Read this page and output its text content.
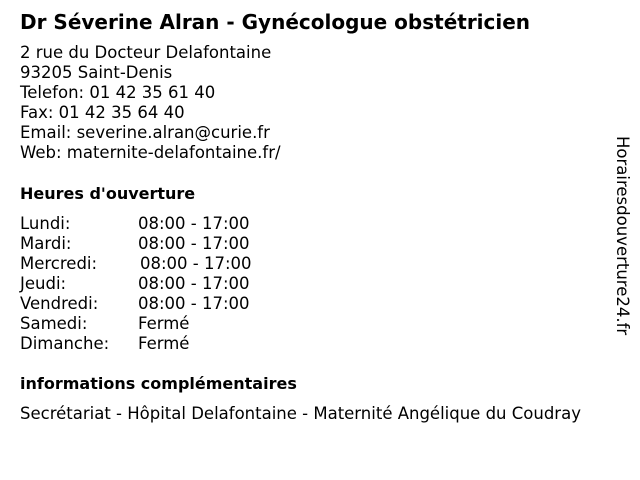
Dr Séverine Alran - Gynécologue obstétricien
2 rue du Docteur Delafontaine
93205 Saint-Denis
Telefon: 01 42 35 61 40
Fax: 01 42 35 64 40
Email: severine.alran@curie.fr
Web: maternite-delafontaine.fr/
Heures d'ouverture
Lundi:	08:00 - 17:00
Mardi:	08:00 - 17:00
Mercredi:	08:00 - 17:00
Jeudi:	08:00 - 17:00
Vendredi: 08:00 - 17:00
Samedi:	Fermé
Dimanche: Fermé
informations complémentaires
Secrétariat - Hôpital Delafontaine - Maternité Angélique du Coudray
Horairesdouverture24.fr
